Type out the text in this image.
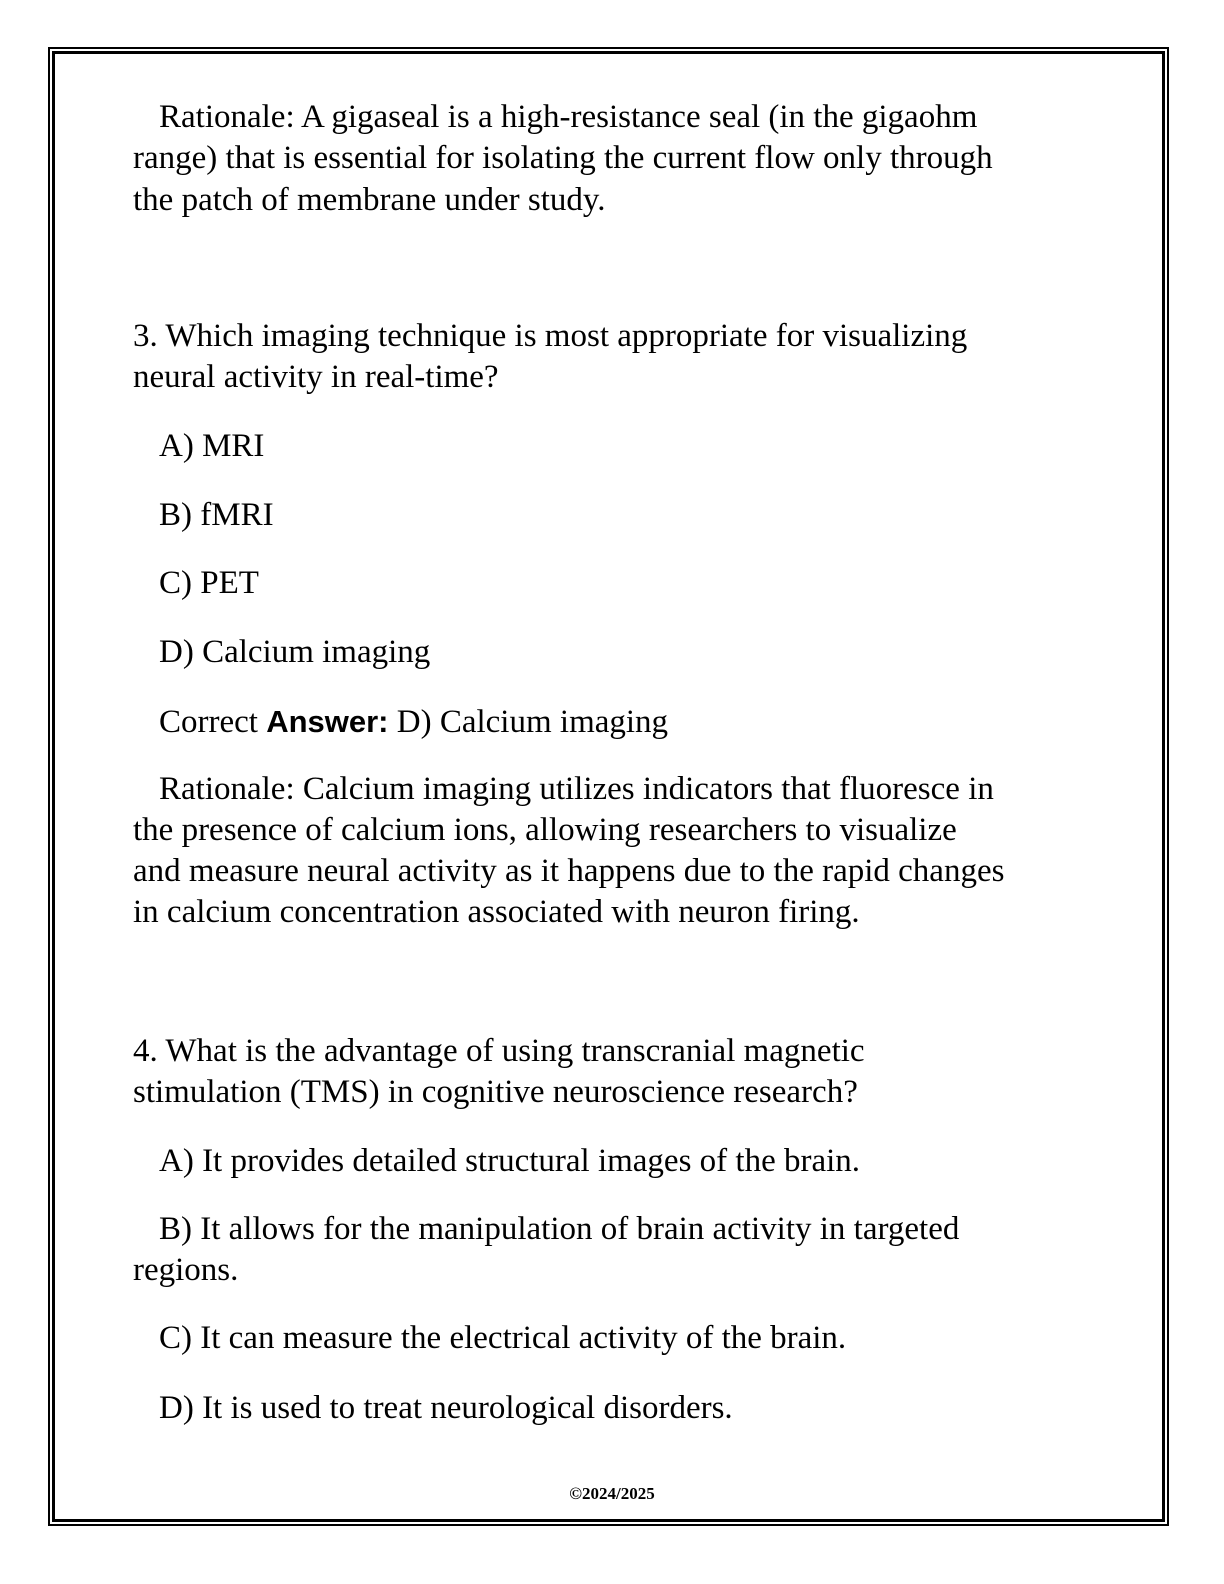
Rationale: A gigaseal is a high-resistance seal (in the gigaohm
range) that is essential for isolating the current flow only through
the patch of membrane under study.
3. Which imaging technique is most appropriate for visualizing
neural activity in real-time?
A) MRI
B) fMRI
C) PET
D) Calcium imaging
Correct Answer: D) Calcium imaging
Rationale: Calcium imaging utilizes indicators that fluoresce in
the presence of calcium ions, allowing researchers to visualize
and measure neural activity as it happens due to the rapid changes
in calcium concentration associated with neuron firing.
4. What is the advantage of using transcranial magnetic
stimulation (TMS) in cognitive neuroscience research?
A) It provides detailed structural images of the brain.
B) It allows for the manipulation of brain activity in targeted
regions.
C) It can measure the electrical activity of the brain.
D) It is used to treat neurological disorders.
©2024/2025
